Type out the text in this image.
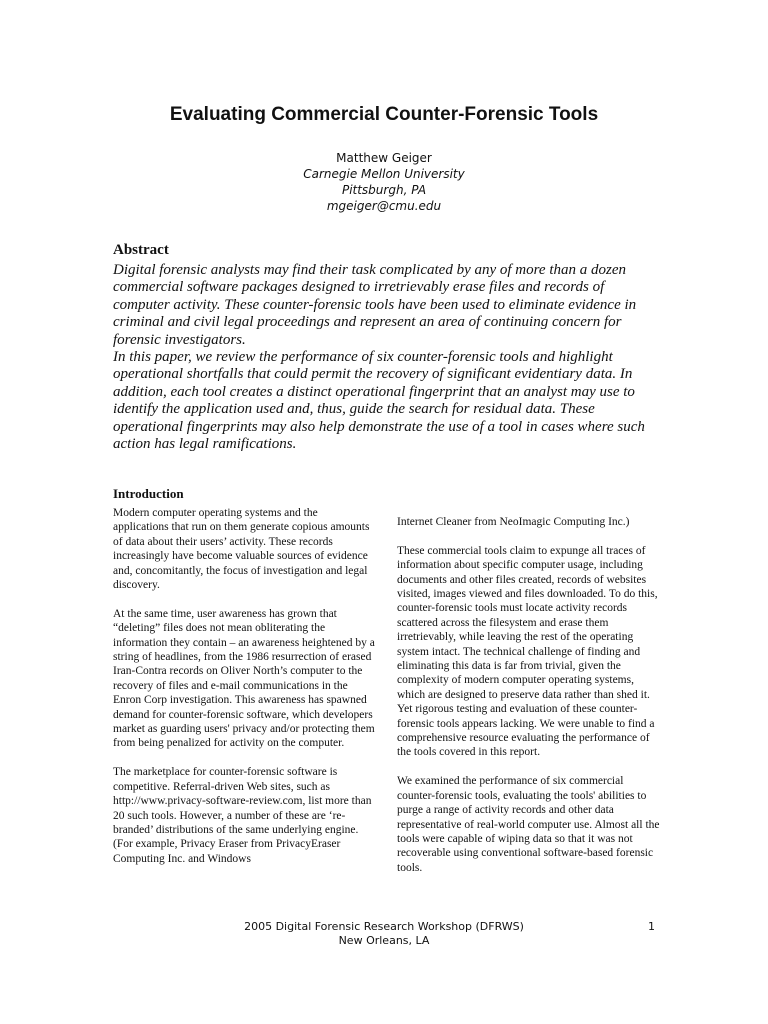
Evaluating Commercial Counter-Forensic Tools
Matthew Geiger
Carnegie Mellon University
Pittsburgh, PA
mgeiger@cmu.edu
Abstract

Digital forensic analysts may find their task complicated by any of more than a dozen commercial software packages designed to irretrievably erase files and records of computer activity. These counter-forensic tools have been used to eliminate evidence in criminal and civil legal proceedings and represent an area of continuing concern for forensic investigators.

In this paper, we review the performance of six counter-forensic tools and highlight operational shortfalls that could permit the recovery of significant evidentiary data. In addition, each tool creates a distinct operational fingerprint that an analyst may use to identify the application used and, thus, guide the search for residual data. These operational fingerprints may also help demonstrate the use of a tool in cases where such action has legal ramifications.

Introduction

Modern computer operating systems and the applications that run on them generate copious amounts of data about their users’ activity. These records increasingly have become valuable sources of evidence and, concomitantly, the focus of investigation and legal discovery.

At the same time, user awareness has grown that “deleting” files does not mean obliterating the information they contain – an awareness heightened by a string of headlines, from the 1986 resurrection of erased Iran-Contra records on Oliver North’s computer to the recovery of files and e-mail communications in the Enron Corp investigation. This awareness has spawned demand for counter-forensic software, which developers market as guarding users' privacy and/or protecting them from being penalized for activity on the computer.

The marketplace for counter-forensic software is competitive. Referral-driven Web sites, such as http://www.privacy-software-review.com, list more than 20 such tools. However, a number of these are ‘re-branded’ distributions of the same underlying engine. (For example, Privacy Eraser from PrivacyEraser Computing Inc. and Windows

Internet Cleaner from NeoImagic Computing Inc.)

These commercial tools claim to expunge all traces of information about specific computer usage, including documents and other files created, records of websites visited, images viewed and files downloaded. To do this, counter-forensic tools must locate activity records scattered across the filesystem and erase them irretrievably, while leaving the rest of the operating system intact. The technical challenge of finding and eliminating this data is far from trivial, given the complexity of modern computer operating systems, which are designed to preserve data rather than shed it. Yet rigorous testing and evaluation of these counter-forensic tools appears lacking. We were unable to find a comprehensive resource evaluating the performance of the tools covered in this report.

We examined the performance of six commercial counter-forensic tools, evaluating the tools' abilities to purge a range of activity records and other data representative of real-world computer use. Almost all the tools were capable of wiping data so that it was not recoverable using conventional software-based forensic tools.

2005 Digital Forensic Research Workshop (DFRWS)
New Orleans, LA
1
